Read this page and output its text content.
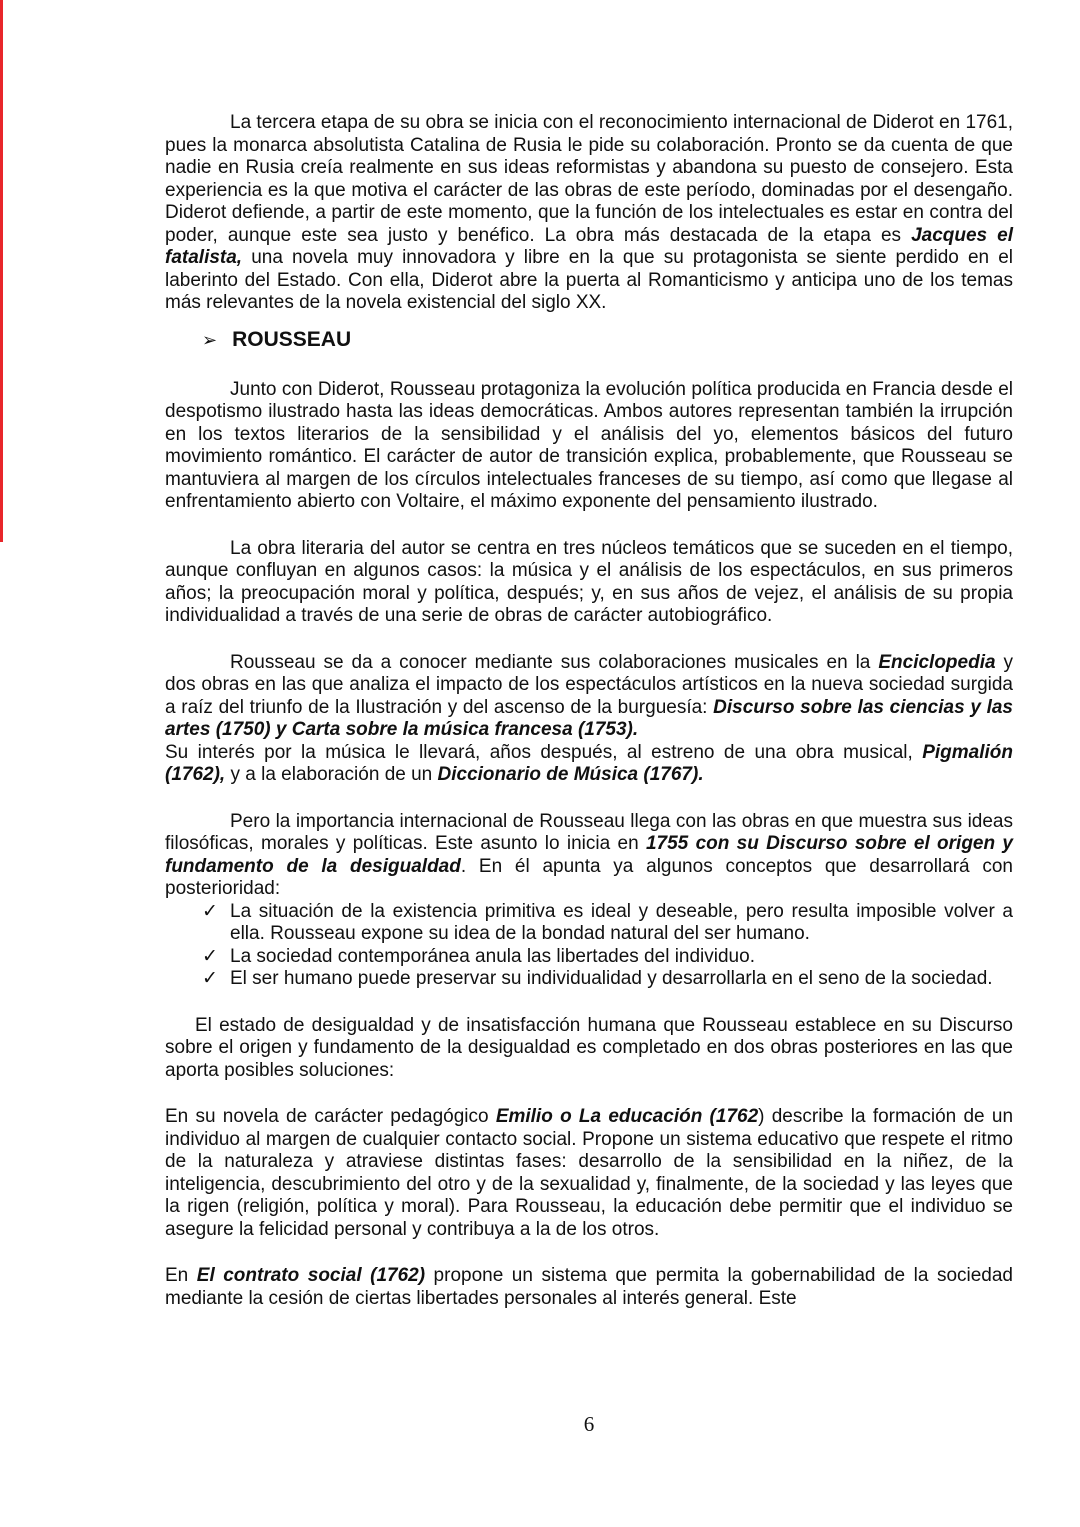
La tercera etapa de su obra se inicia con el reconocimiento internacional de Diderot en 1761, pues la monarca absolutista Catalina de Rusia le pide su colaboración. Pronto se da cuenta de que nadie en Rusia creía realmente en sus ideas reformistas y abandona su puesto de consejero. Esta experiencia es la que motiva el carácter de las obras de este período, dominadas por el desengaño. Diderot defiende, a partir de este momento, que la función de los intelectuales es estar en contra del poder, aunque este sea justo y benéfico. La obra más destacada de la etapa es Jacques el fatalista, una novela muy innovadora y libre en la que su protagonista se siente perdido en el laberinto del Estado. Con ella, Diderot abre la puerta al Romanticismo y anticipa uno de los temas más relevantes de la novela existencial del siglo XX.

➢ ROUSSEAU

Junto con Diderot, Rousseau protagoniza la evolución política producida en Francia desde el despotismo ilustrado hasta las ideas democráticas. Ambos autores representan también la irrupción en los textos literarios de la sensibilidad y el análisis del yo, elementos básicos del futuro movimiento romántico. El carácter de autor de transición explica, probablemente, que Rousseau se mantuviera al margen de los círculos intelectuales franceses de su tiempo, así como que llegase al enfrentamiento abierto con Voltaire, el máximo exponente del pensamiento ilustrado.

La obra literaria del autor se centra en tres núcleos temáticos que se suceden en el tiempo, aunque confluyan en algunos casos: la música y el análisis de los espectáculos, en sus primeros años; la preocupación moral y política, después; y, en sus años de vejez, el análisis de su propia individualidad a través de una serie de obras de carácter autobiográfico.

Rousseau se da a conocer mediante sus colaboraciones musicales en la Enciclopedia y dos obras en las que analiza el impacto de los espectáculos artísticos en la nueva sociedad surgida a raíz del triunfo de la Ilustración y del ascenso de la burguesía: Discurso sobre las ciencias y las artes (1750) y Carta sobre la música francesa (1753).

Su interés por la música le llevará, años después, al estreno de una obra musical, Pigmalión (1762), y a la elaboración de un Diccionario de Música (1767).

Pero la importancia internacional de Rousseau llega con las obras en que muestra sus ideas filosóficas, morales y políticas. Este asunto lo inicia en 1755 con su Discurso sobre el origen y fundamento de la desigualdad. En él apunta ya algunos conceptos que desarrollará con posterioridad:

✓ La situación de la existencia primitiva es ideal y deseable, pero resulta imposible volver a ella. Rousseau expone su idea de la bondad natural del ser humano.
✓ La sociedad contemporánea anula las libertades del individuo.
✓ El ser humano puede preservar su individualidad y desarrollarla en el seno de la sociedad.

El estado de desigualdad y de insatisfacción humana que Rousseau establece en su Discurso sobre el origen y fundamento de la desigualdad es completado en dos obras posteriores en las que aporta posibles soluciones:

En su novela de carácter pedagógico Emilio o La educación (1762) describe la formación de un individuo al margen de cualquier contacto social. Propone un sistema educativo que respete el ritmo de la naturaleza y atraviese distintas fases: desarrollo de la sensibilidad en la niñez, de la inteligencia, descubrimiento del otro y de la sexualidad y, finalmente, de la sociedad y las leyes que la rigen (religión, política y moral). Para Rousseau, la educación debe permitir que el individuo se asegure la felicidad personal y contribuya a la de los otros.

En El contrato social (1762) propone un sistema que permita la gobernabilidad de la sociedad mediante la cesión de ciertas libertades personales al interés general. Este

6
